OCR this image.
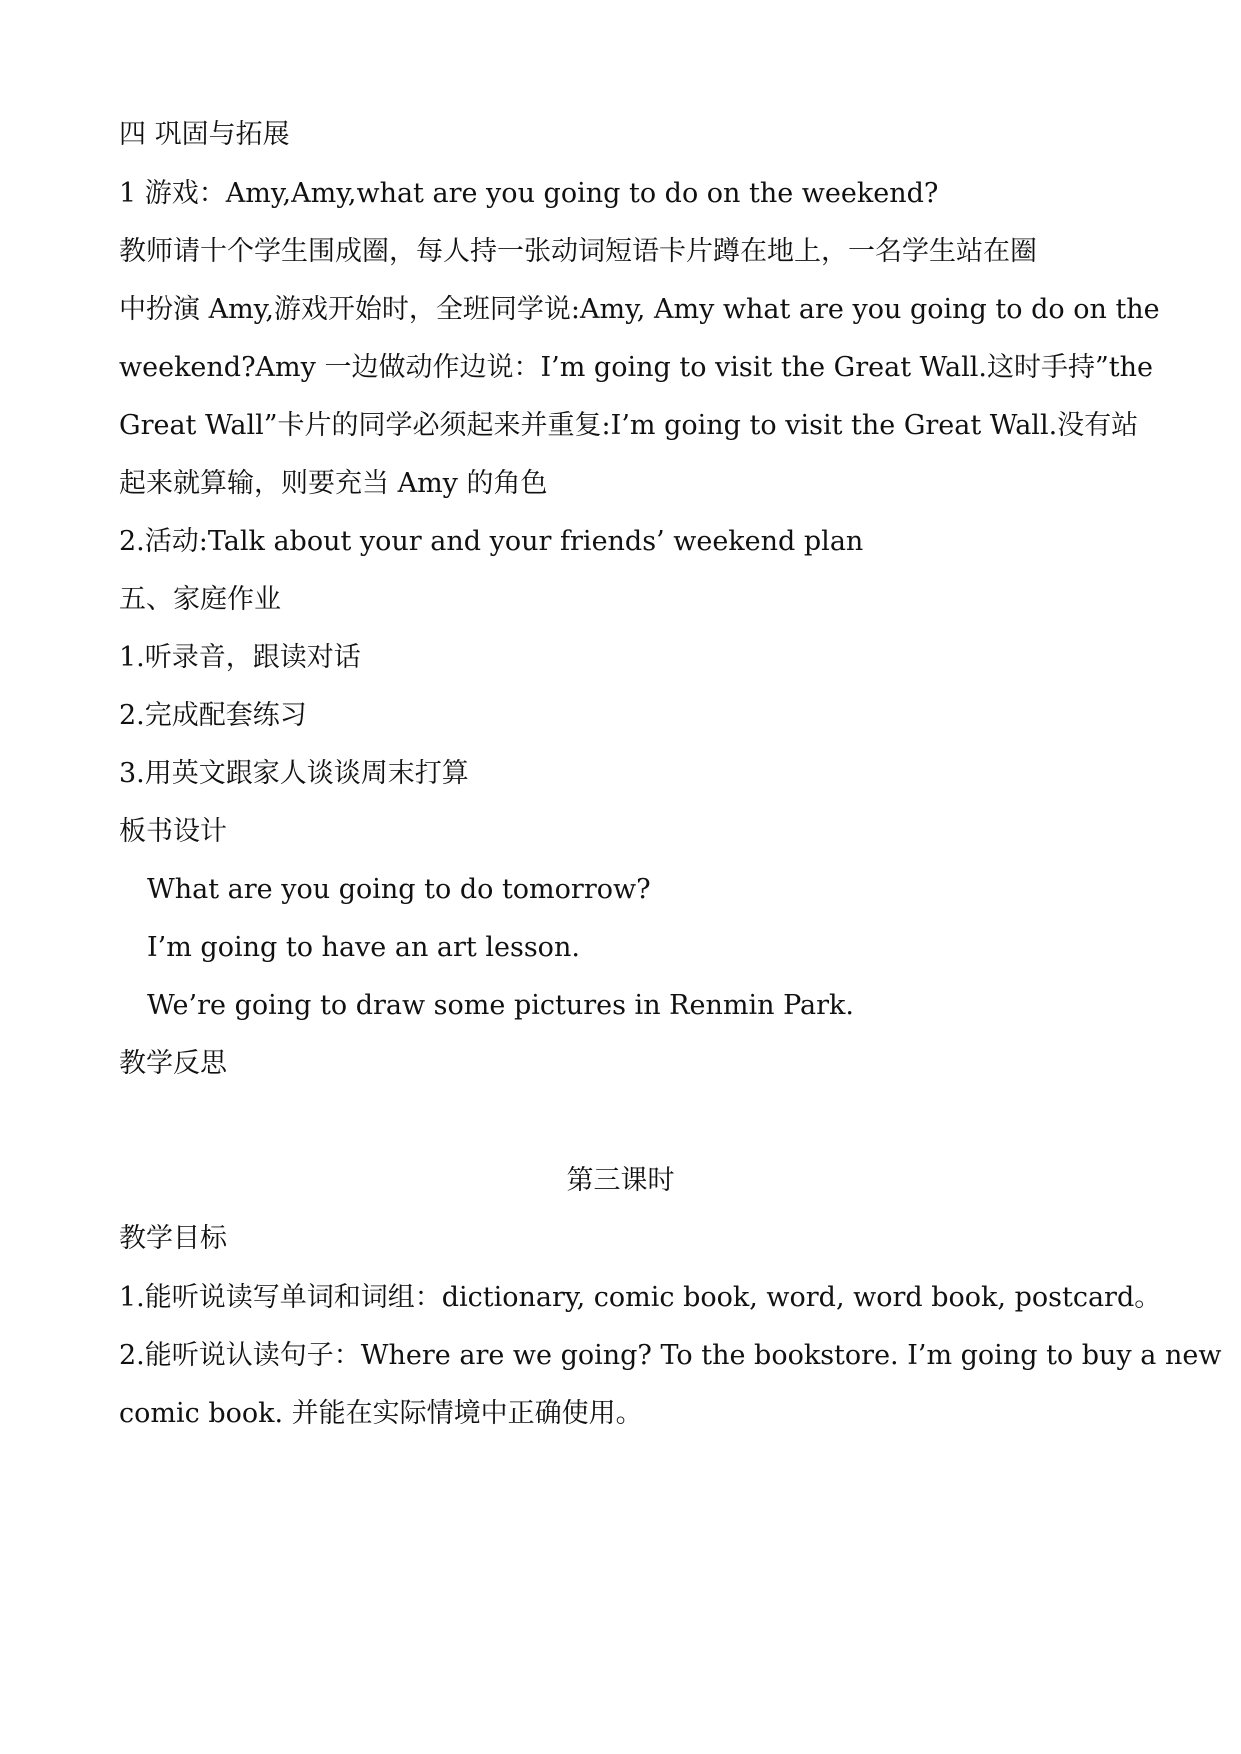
四 巩固与拓展
1 游戏：Amy,Amy,what are you going to do on the weekend?
教师请十个学生围成圈，每人持一张动词短语卡片蹲在地上，一名学生站在圈
中扮演 Amy,游戏开始时，全班同学说:Amy, Amy what are you going to do on the
weekend?Amy 一边做动作边说：I’m going to visit the Great Wall.这时手持”the
Great Wall”卡片的同学必须起来并重复:I’m going to visit the Great Wall.没有站
起来就算输，则要充当 Amy 的角色
2.活动:Talk about your and your friends’ weekend plan
五、家庭作业
1.听录音，跟读对话
2.完成配套练习
3.用英文跟家人谈谈周末打算
板书设计
What are you going to do tomorrow?
I’m going to have an art lesson.
We’re going to draw some pictures in Renmin Park.
教学反思
第三课时
教学目标
1.能听说读写单词和词组：dictionary, comic book, word, word book, postcard。
2.能听说认读句子：Where are we going? To the bookstore. I’m going to buy a new
comic book. 并能在实际情境中正确使用。
